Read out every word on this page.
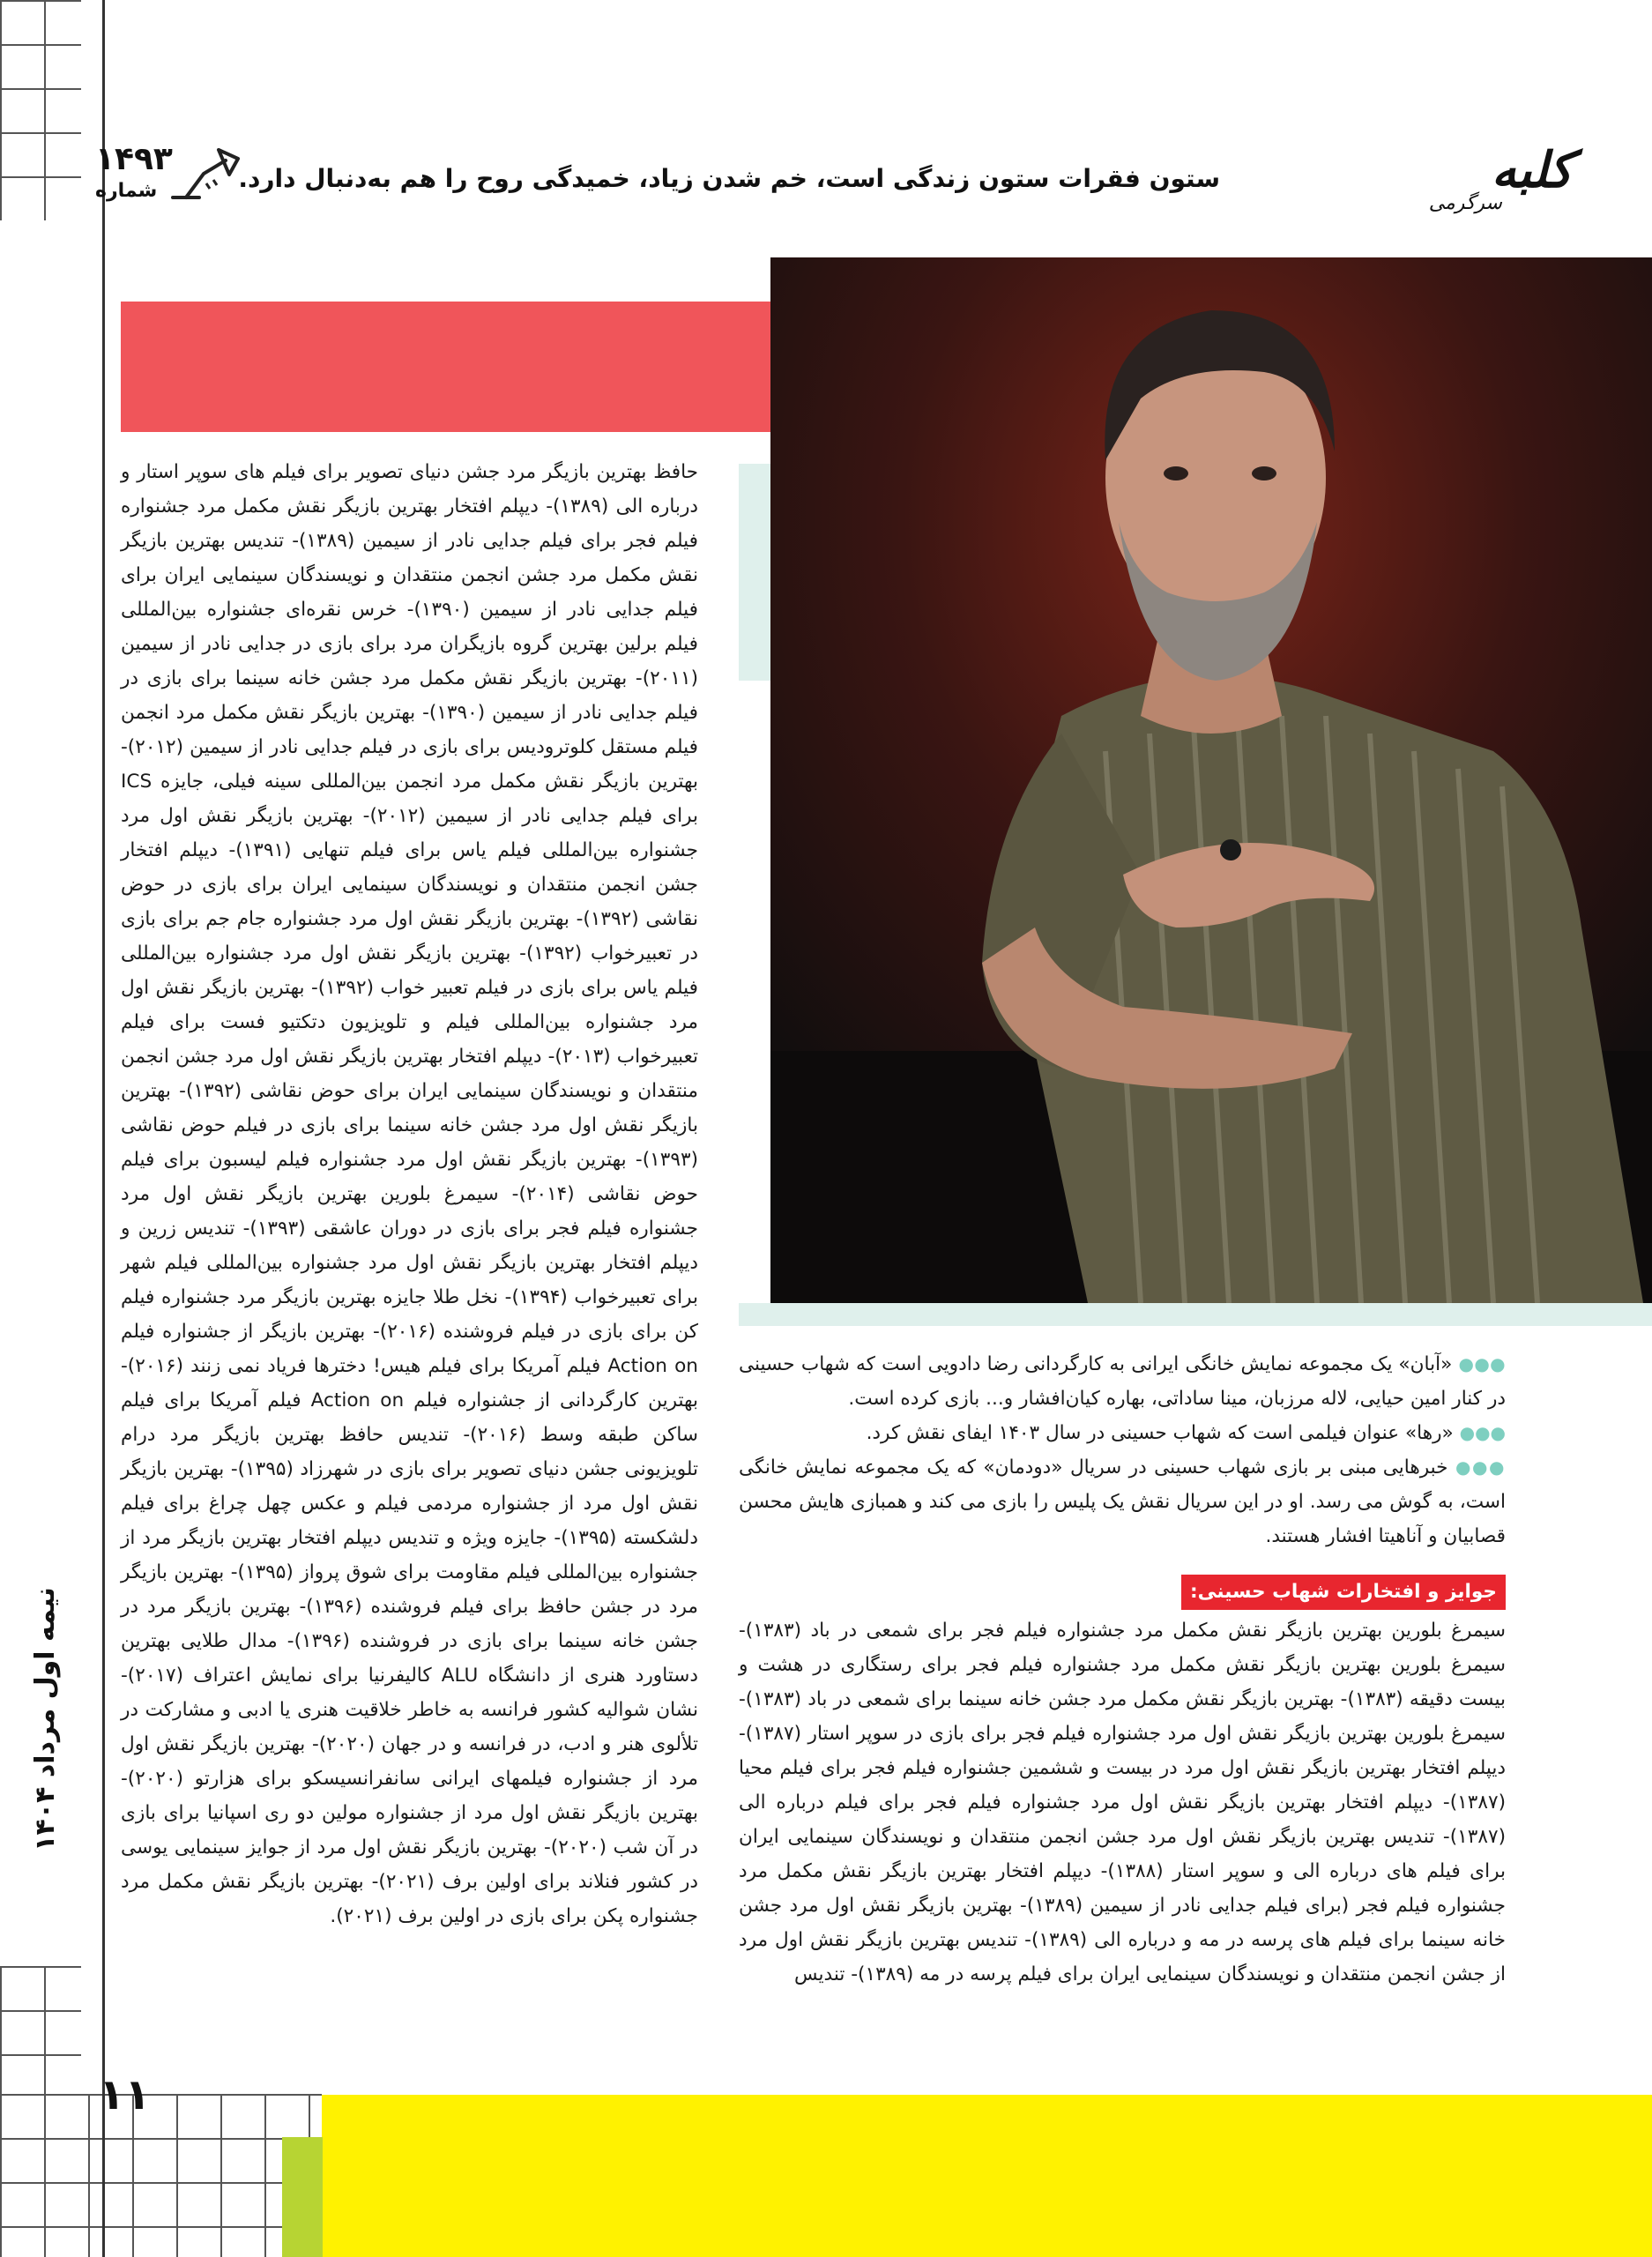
کلبه
سرگرمی
ستون فقرات ستون زندگی است، خم شدن زیاد، خمیدگی روح را هم به‌دنبال دارد.
۱۴۹۳
شماره

حافظ بهترین بازیگر مرد جشن دنیای تصویر برای فیلم های سوپر استار و درباره الی (۱۳۸۹)- دیپلم افتخار بهترین بازیگر نقش مکمل مرد جشنواره فیلم فجر برای فیلم جدایی نادر از سیمین (۱۳۸۹)- تندیس بهترین بازیگر نقش مکمل مرد جشن انجمن منتقدان و نویسندگان سینمایی ایران برای فیلم جدایی نادر از سیمین (۱۳۹۰)- خرس نقره‌ای جشنواره بین‌المللی فیلم برلین بهترین گروه بازیگران مرد برای بازی در جدایی نادر از سیمین (۲۰۱۱)- بهترین بازیگر نقش مکمل مرد جشن خانه سینما برای بازی در فیلم جدایی نادر از سیمین (۱۳۹۰)- بهترین بازیگر نقش مکمل مرد انجمن فیلم مستقل کلوترودیس برای بازی در فیلم جدایی نادر از سیمین (۲۰۱۲)- بهترین بازیگر نقش مکمل مرد انجمن بین‌المللی سینه فیلی، جایزه ICS برای فیلم جدایی نادر از سیمین (۲۰۱۲)- بهترین بازیگر نقش اول مرد جشنواره بین‌المللی فیلم یاس برای فیلم تنهایی (۱۳۹۱)- دیپلم افتخار جشن انجمن منتقدان و نویسندگان سینمایی ایران برای بازی در حوض نقاشی (۱۳۹۲)- بهترین بازیگر نقش اول مرد جشنواره جام جم برای بازی در تعبیرخواب (۱۳۹۲)- بهترین بازیگر نقش اول مرد جشنواره بین‌المللی فیلم یاس برای بازی در فیلم تعبیر خواب (۱۳۹۲)- بهترین بازیگر نقش اول مرد جشنواره بین‌المللی فیلم و تلویزیون دتکتیو فست برای فیلم تعبیرخواب (۲۰۱۳)- دیپلم افتخار بهترین بازیگر نقش اول مرد جشن انجمن منتقدان و نویسندگان سینمایی ایران برای حوض نقاشی (۱۳۹۲)- بهترین بازیگر نقش اول مرد جشن خانه سینما برای بازی در فیلم حوض نقاشی (۱۳۹۳)- بهترین بازیگر نقش اول مرد جشنواره فیلم لیسبون برای فیلم حوض نقاشی (۲۰۱۴)- سیمرغ بلورین بهترین بازیگر نقش اول مرد جشنواره فیلم فجر برای بازی در دوران عاشقی (۱۳۹۳)- تندیس زرین و دیپلم افتخار بهترین بازیگر نقش اول مرد جشنواره بین‌المللی فیلم شهر برای تعبیرخواب (۱۳۹۴)- نخل طلا جایزه بهترین بازیگر مرد جشنواره فیلم کن برای بازی در فیلم فروشنده (۲۰۱۶)- بهترین بازیگر از جشنواره فیلم Action on فیلم آمریکا برای فیلم هیس! دخترها فریاد نمی زنند (۲۰۱۶)- بهترین کارگردانی از جشنواره فیلم Action on فیلم آمریکا برای فیلم ساکن طبقه وسط (۲۰۱۶)- تندیس حافظ بهترین بازیگر مرد درام تلویزیونی جشن دنیای تصویر برای بازی در شهرزاد (۱۳۹۵)- بهترین بازیگر نقش اول مرد از جشنواره مردمی فیلم و عکس چهل چراغ برای فیلم دلشکسته (۱۳۹۵)- جایزه ویژه و تندیس دیپلم افتخار بهترین بازیگر مرد از جشنواره بین‌المللی فیلم مقاومت برای شوق پرواز (۱۳۹۵)- بهترین بازیگر مرد در جشن حافظ برای فیلم فروشنده (۱۳۹۶)- بهترین بازیگر مرد در جشن خانه سینما برای بازی در فروشنده (۱۳۹۶)- مدال طلایی بهترین دستاورد هنری از دانشگاه ALU کالیفرنیا برای نمایش اعتراف (۲۰۱۷)- نشان شوالیه کشور فرانسه به خاطر خلاقیت هنری یا ادبی و مشارکت در تلألوی هنر و ادب، در فرانسه و در جهان (۲۰۲۰)- بهترین بازیگر نقش اول مرد از جشنواره فیلمهای ایرانی سانفرانسیسکو برای هزارتو (۲۰۲۰)- بهترین بازیگر نقش اول مرد از جشنواره مولین دو ری اسپانیا برای بازی در آن شب (۲۰۲۰)- بهترین بازیگر نقش اول مرد از جوایز سینمایی یوسی در کشور فنلاند برای اولین برف (۲۰۲۱)- بهترین بازیگر نقش مکمل مرد جشنواره پکن برای بازی در اولین برف (۲۰۲۱).

●●● «آبان» یک مجموعه نمایش خانگی ایرانی به کارگردانی رضا دادویی است که شهاب حسینی در کنار امین حیایی، لاله مرزبان، مینا ساداتی، بهاره کیان‌افشار و... بازی کرده است.

●●● «رها» عنوان فیلمی است که شهاب حسینی در سال ۱۴۰۳ ایفای نقش کرد.

●●● خبرهایی مبنی بر بازی شهاب حسینی در سریال «دودمان» که یک مجموعه نمایش خانگی است، به گوش می رسد. او در این سریال نقش یک پلیس را بازی می کند و همبازی هایش محسن قصابیان و آناهیتا افشار هستند.

جوایز و افتخارات شهاب حسینی:

سیمرغ بلورین بهترین بازیگر نقش مکمل مرد جشنواره فیلم فجر برای شمعی در باد (۱۳۸۳)- سیمرغ بلورین بهترین بازیگر نقش مکمل مرد جشنواره فیلم فجر برای رستگاری در هشت و بیست دقیقه (۱۳۸۳)- بهترین بازیگر نقش مکمل مرد جشن خانه سینما برای شمعی در باد (۱۳۸۳)- سیمرغ بلورین بهترین بازیگر نقش اول مرد جشنواره فیلم فجر برای بازی در سوپر استار (۱۳۸۷)- دیپلم افتخار بهترین بازیگر نقش اول مرد در بیست و ششمین جشنواره فیلم فجر برای فیلم محیا (۱۳۸۷)- دیپلم افتخار بهترین بازیگر نقش اول مرد جشنواره فیلم فجر برای فیلم درباره الی (۱۳۸۷)- تندیس بهترین بازیگر نقش اول مرد جشن انجمن منتقدان و نویسندگان سینمایی ایران برای فیلم های درباره الی و سوپر استار (۱۳۸۸)- دیپلم افتخار بهترین بازیگر نقش مکمل مرد جشنواره فیلم فجر (برای فیلم جدایی نادر از سیمین (۱۳۸۹)- بهترین بازیگر نقش اول مرد جشن خانه سینما برای فیلم های پرسه در مه و درباره الی (۱۳۸۹)- تندیس بهترین بازیگر نقش اول مرد از جشن انجمن منتقدان و نویسندگان سینمایی ایران برای فیلم پرسه در مه (۱۳۸۹)- تندیس

نیمه اول مرداد ۱۴۰۴
۱۱
